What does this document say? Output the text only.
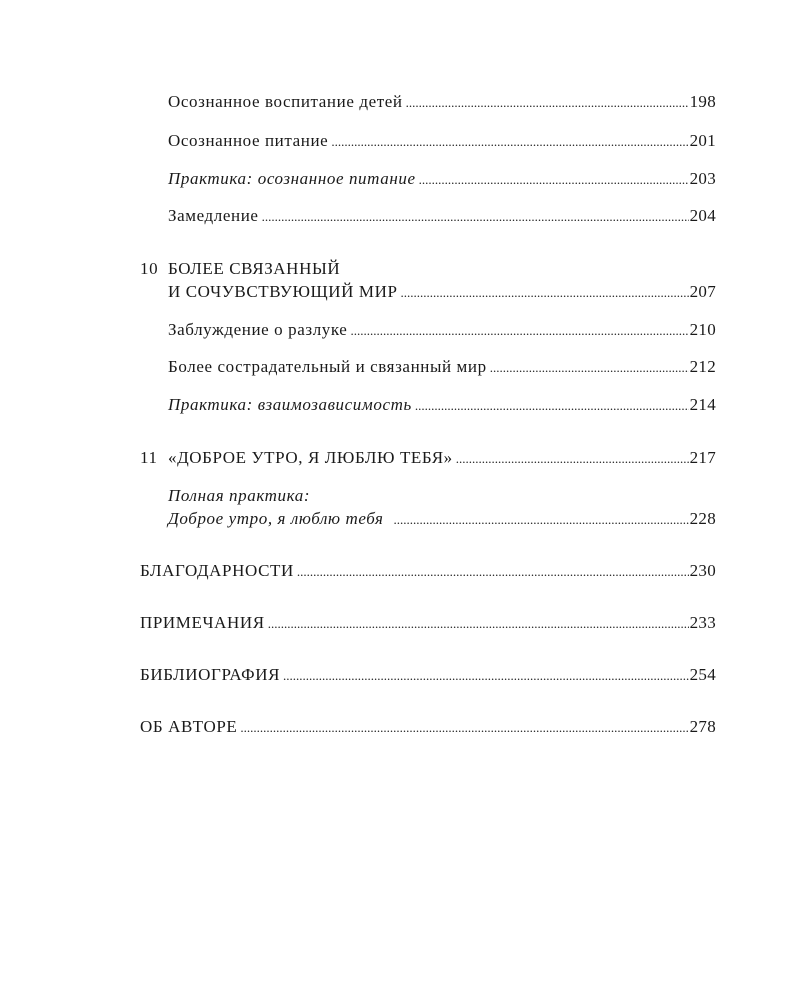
Осознанное воспитание детей .....	198
Осознанное питание .....	201
Практика: осознанное питание .....	203
Замедление .....	204
10 БОЛЕЕ СВЯЗАННЫЙ
И СОЧУВСТВУЮЩИЙ МИР .....	207
Заблуждение о разлуке .....	210
Более сострадательный и связанный мир .....	212
Практика: взаимозависимость .....	214
11 «ДОБРОЕ УТРО, Я ЛЮБЛЮ ТЕБЯ» .....	217
Полная практика:
Доброе утро, я люблю тебя .....	228
БЛАГОДАРНОСТИ .....	230
ПРИМЕЧАНИЯ .....	233
БИБЛИОГРАФИЯ .....	254
ОБ АВТОРЕ .....	278
